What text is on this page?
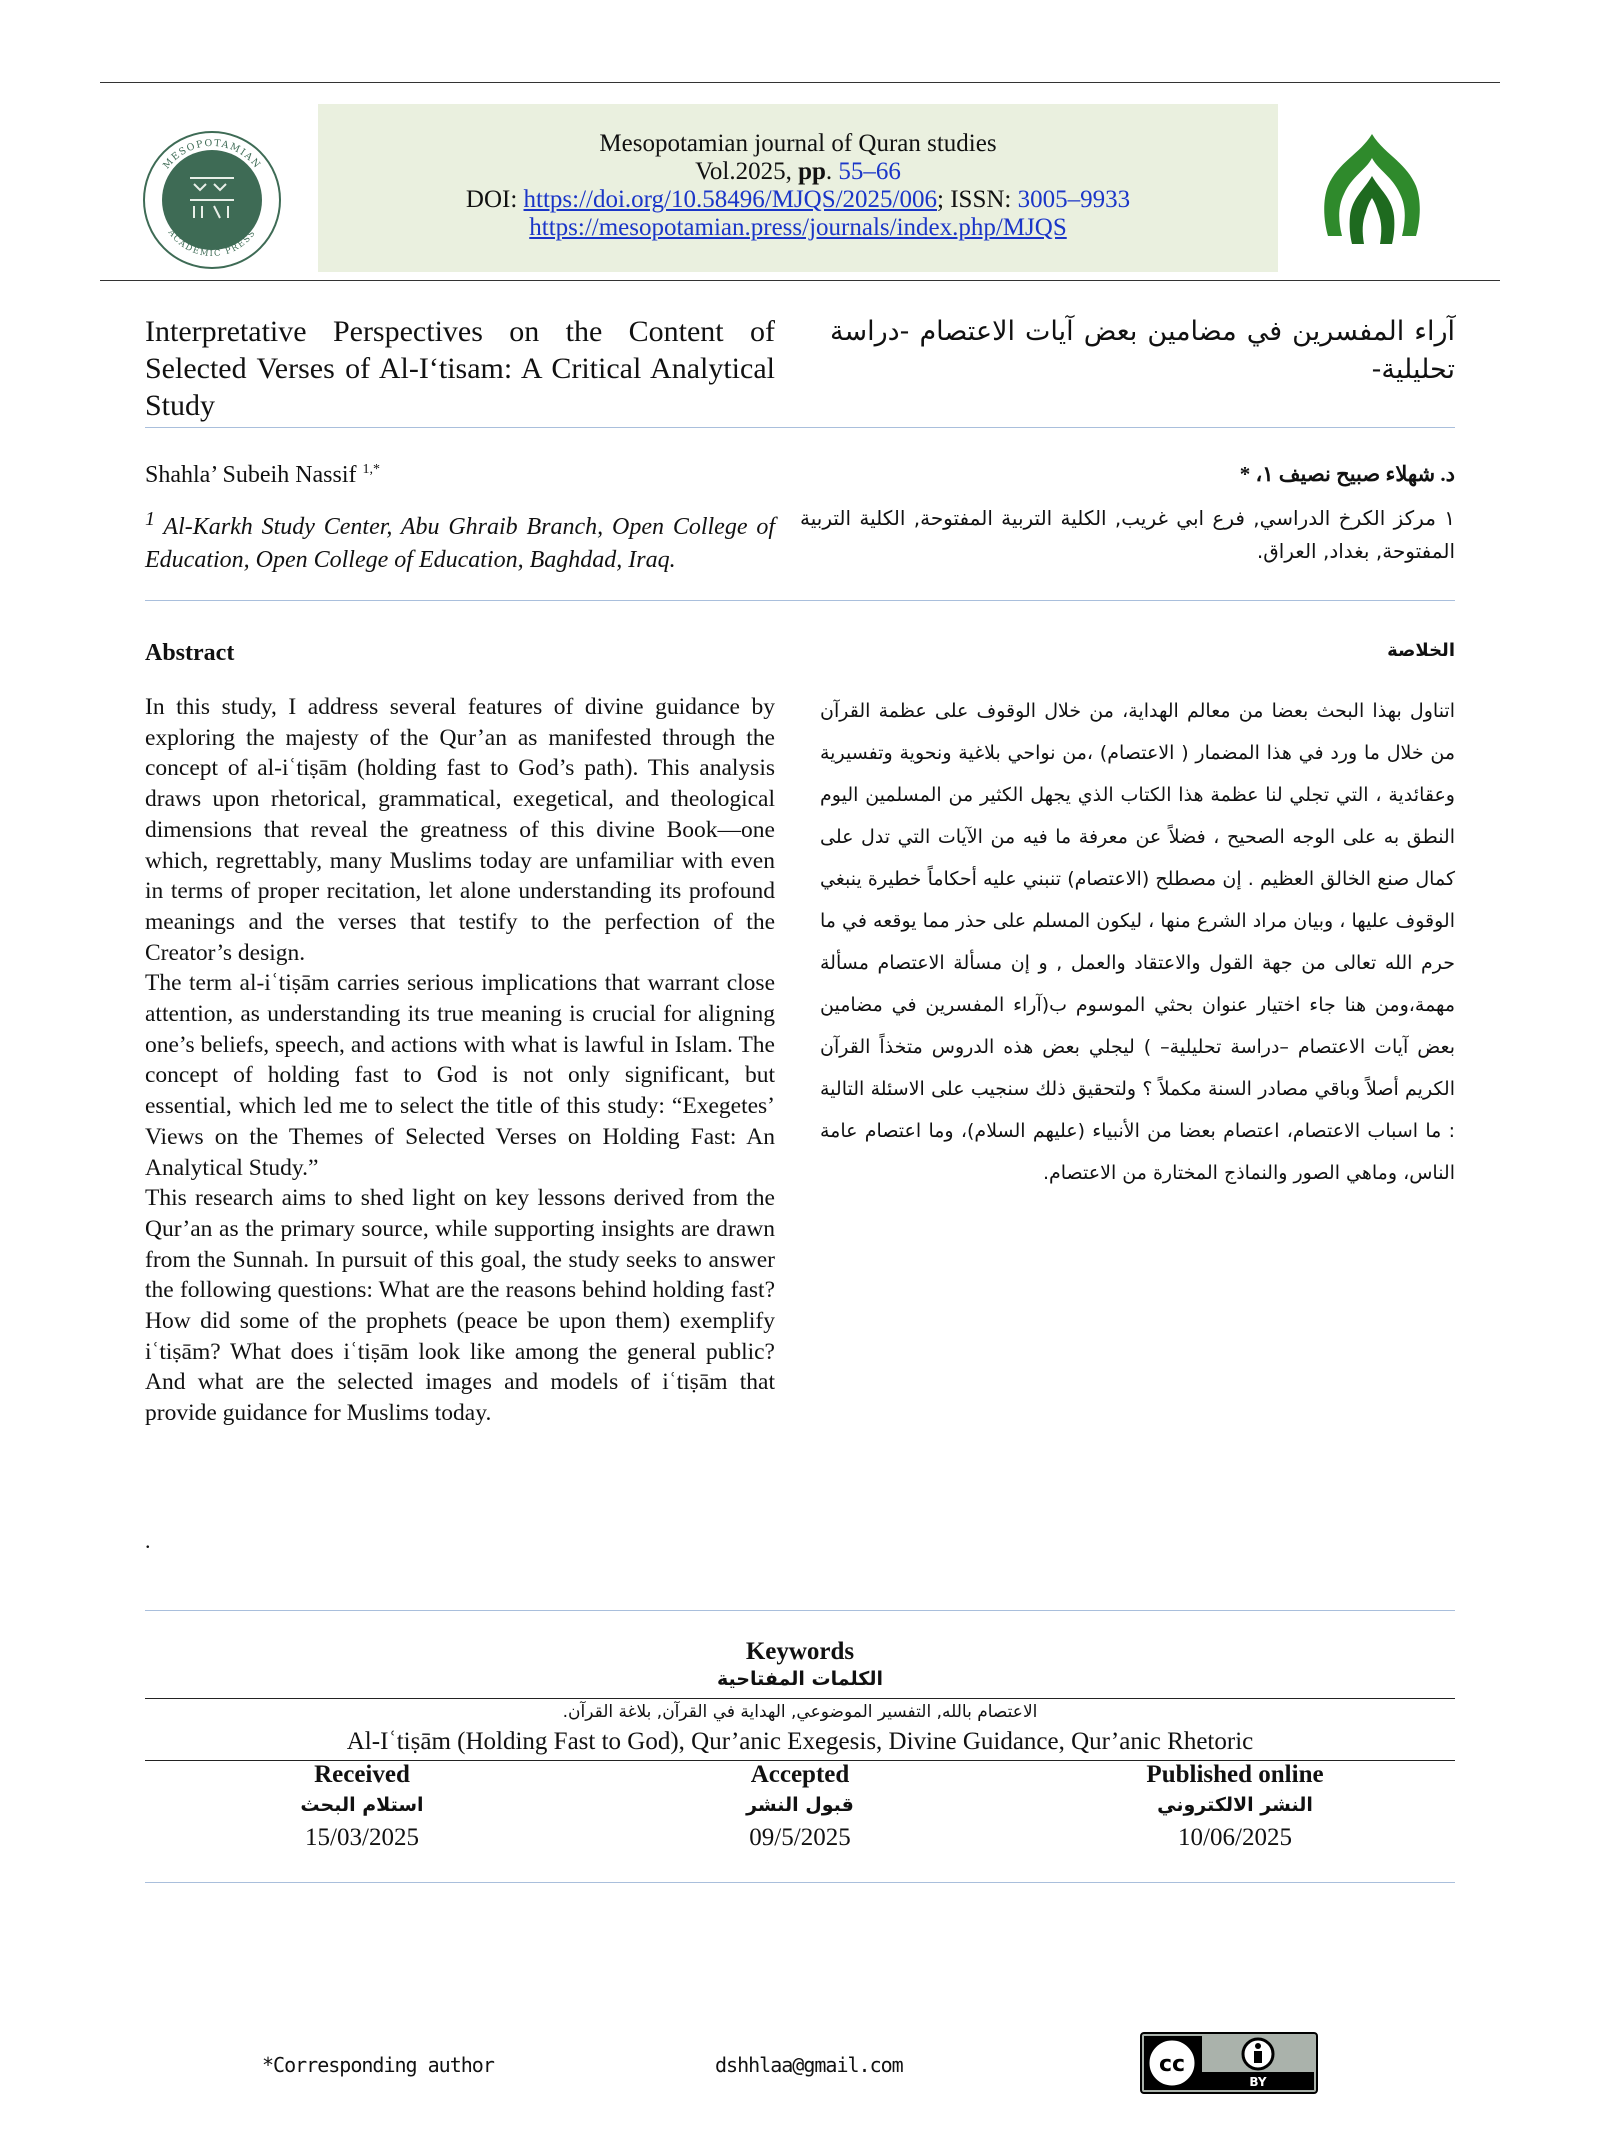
MESOPOTAMIAN
ACADEMIC PRESS
Mesopotamian journal of Quran studies
Vol.2025, pp. 55–66
DOI: https://doi.org/10.58496/MJQS/2025/006; ISSN: 3005–9933
https://mesopotamian.press/journals/index.php/MJQS
Interpretative Perspectives on the Content of Selected Verses of Al-I‘tisam: A Critical Analytical Study
آراء المفسرين في مضامين بعض آيات الاعتصام -دراسة تحليلية-
Shahla’ Subeih Nassif $^{1,*}$	د. شهلاء صبيح نصيف ١، *
$^1$ Al-Karkh Study Center, Abu Ghraib Branch, Open College of Education, Open College of Education, Baghdad, Iraq.
١ مركز الكرخ الدراسي, فرع ابي غريب, الكلية التربية المفتوحة, الكلية التربية المفتوحة, بغداد, العراق.
Abstract	الخلاصة

In this study, I address several features of divine guidance by exploring the majesty of the Qur’an as manifested through the concept of al-iʿtiṣām (holding fast to God’s path). This analysis draws upon rhetorical, grammatical, exegetical, and theological dimensions that reveal the greatness of this divine Book—one which, regrettably, many Muslims today are unfamiliar with even in terms of proper recitation, let alone understanding its profound meanings and the verses that testify to the perfection of the Creator’s design.

The term al-iʿtiṣām carries serious implications that warrant close attention, as understanding its true meaning is crucial for aligning one’s beliefs, speech, and actions with what is lawful in Islam. The concept of holding fast to God is not only significant, but essential, which led me to select the title of this study: “Exegetes’ Views on the Themes of Selected Verses on Holding Fast: An Analytical Study.”

This research aims to shed light on key lessons derived from the Qur’an as the primary source, while supporting insights are drawn from the Sunnah. In pursuit of this goal, the study seeks to answer the following questions: What are the reasons behind holding fast? How did some of the prophets (peace be upon them) exemplify iʿtiṣām? What does iʿtiṣām look like among the general public? And what are the selected images and models of iʿtiṣām that provide guidance for Muslims today.

.
اتناول بهذا البحث بعضا من معالم الهداية، من خلال الوقوف على عظمة القرآن من خلال ما ورد في هذا المضمار ( الاعتصام) ،من نواحي بلاغية ونحوية وتفسيرية وعقائدية ، التي تجلي لنا عظمة هذا الكتاب الذي يجهل الكثير من المسلمين اليوم النطق به على الوجه الصحيح ، فضلاً عن معرفة ما فيه من الآيات التي تدل على كمال صنع الخالق العظيم . إن مصطلح (الاعتصام) تنبني عليه أحكاماً خطيرة ينبغي الوقوف عليها ، وبيان مراد الشرع منها ، ليكون المسلم على حذر مما يوقعه في ما حرم الله تعالى من جهة القول والاعتقاد والعمل , و إن مسألة الاعتصام مسألة مهمة،ومن هنا جاء اختيار عنوان بحثي الموسوم ب(آراء المفسرين في مضامين بعض آيات الاعتصام –دراسة تحليلية– ) ليجلي بعض هذه الدروس متخذاً القرآن الكريم أصلاً وباقي مصادر السنة مكملاً ؟ ولتحقيق ذلك سنجيب على الاسئلة التالية : ما اسباب الاعتصام، اعتصام بعضا من الأنبياء (عليهم السلام)، وما اعتصام عامة الناس، وماهي الصور والنماذج المختارة من الاعتصام.
Keywords
الكلمات المفتاحية
الاعتصام بالله, التفسير الموضوعي, الهداية في القرآن, بلاغة القرآن.
Al-Iʿtiṣām (Holding Fast to God), Qur’anic Exegesis, Divine Guidance, Qur’anic Rhetoric
Received
استلام البحث
15/03/2025
Accepted
قبول النشر
09/5/2025
Published online
النشر الالكتروني
10/06/2025
*Corresponding author	dshhlaa@gmail.com	cc
BY
